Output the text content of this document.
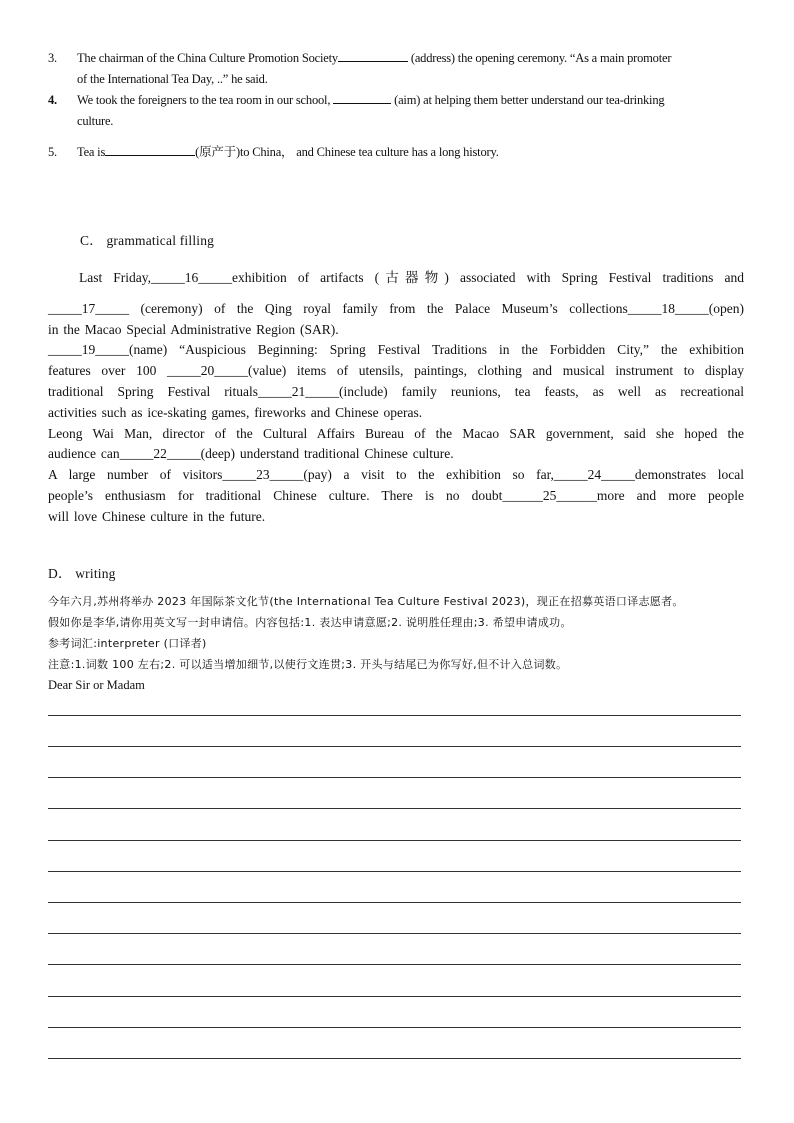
3. The chairman of the China Culture Promotion Society	(address) the opening ceremony. “As a main promoter
of the International Tea Day, ..” he said.
4. We took the foreigners to the tea room in our school,	(aim) at helping them better understand our tea-drinking
culture.
5. Tea is	(原产于)to China， and Chinese tea culture has a long history.
C． grammatical filling

Last Friday,_____16_____exhibition of artifacts (古器物) associated with Spring Festival traditions and

_____17_____ (ceremony) of the Qing royal family from the Palace Museum’s collections_____18_____(open)

in the Macao Special Administrative Region (SAR).

_____19_____(name) “Auspicious Beginning: Spring Festival Traditions in the Forbidden City,” the exhibition

features over 100 _____20_____(value) items of utensils, paintings, clothing and musical instrument to display

traditional Spring Festival rituals_____21_____(include) family reunions, tea feasts, as well as recreational

activities such as ice-skating games, fireworks and Chinese operas.

Leong Wai Man, director of the Cultural Affairs Bureau of the Macao SAR government, said she hoped the

audience can_____22_____(deep) understand traditional Chinese culture.

A large number of visitors_____23_____(pay) a visit to the exhibition so far,_____24_____demonstrates local

people’s enthusiasm for traditional Chinese culture. There is no doubt______25______more and more people

will love Chinese culture in the future.

D． writing
今年六月,苏州将举办 2023 年国际茶文化节(the International Tea Culture Festival 2023)，现正在招募英语口译志愿者。
假如你是李华,请你用英文写一封申请信。内容包括:1. 表达申请意愿;2. 说明胜任理由;3. 希望申请成功。
参考词汇:interpreter (口译者)
注意:1.词数 100 左右;2. 可以适当增加细节,以使行文连贯;3. 开头与结尾已为你写好,但不计入总词数。
Dear Sir or Madam
